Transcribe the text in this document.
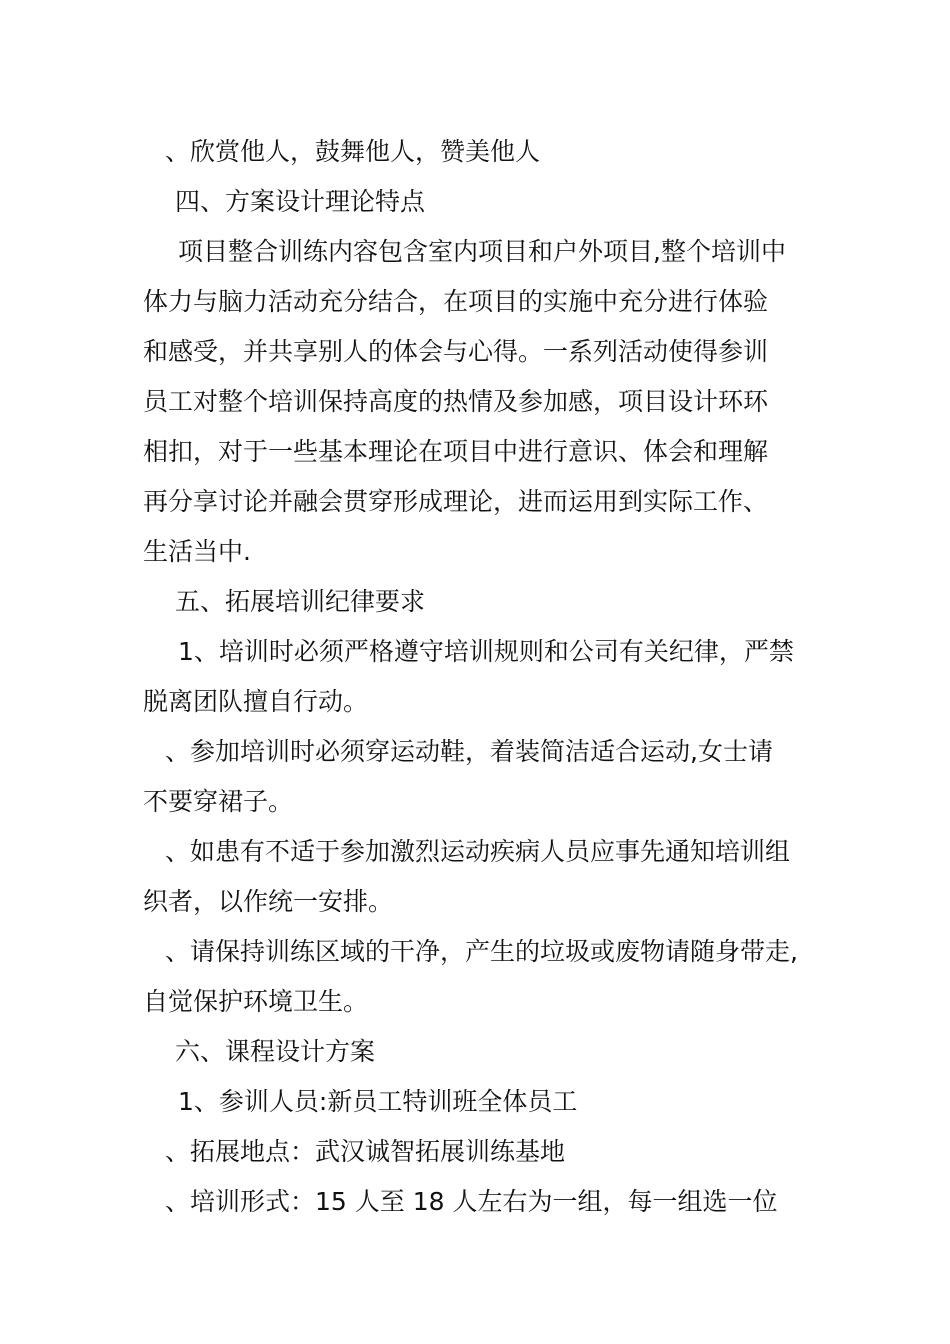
、欣赏他人，鼓舞他人，赞美他人

四、方案设计理论特点

项目整合训练内容包含室内项目和户外项目,整个培训中

体力与脑力活动充分结合，在项目的实施中充分进行体验

和感受，并共享别人的体会与心得。一系列活动使得参训

员工对整个培训保持高度的热情及参加感，项目设计环环

相扣，对于一些基本理论在项目中进行意识、体会和理解

再分享讨论并融会贯穿形成理论，进而运用到实际工作、

生活当中.

五、拓展培训纪律要求

1、培训时必须严格遵守培训规则和公司有关纪律，严禁

脱离团队擅自行动。

、参加培训时必须穿运动鞋，着装简洁适合运动,女士请

不要穿裙子。

、如患有不适于参加激烈运动疾病人员应事先通知培训组

织者，以作统一安排。

、请保持训练区域的干净，产生的垃圾或废物请随身带走,

自觉保护环境卫生。

六、课程设计方案

1、参训人员:新员工特训班全体员工

、拓展地点：武汉诚智拓展训练基地

、培训形式：15 人至 18 人左右为一组，每一组选一位
